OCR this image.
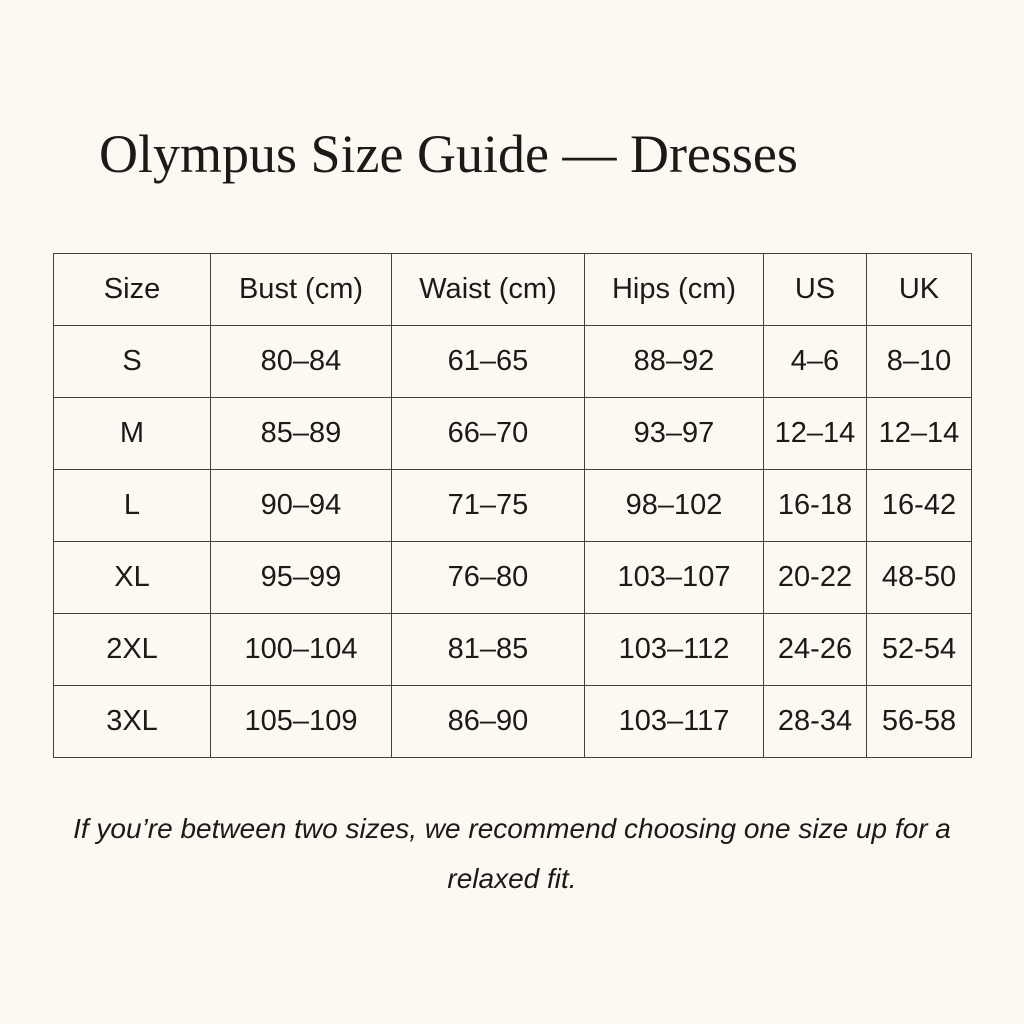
Olympus Size Guide — Dresses
Size	Bust (cm)	Waist (cm)	Hips (cm)	US	UK
S	80–84	61–65	88–92	4–6	8–10
M	85–89	66–70	93–97	12–14	12–14
L	90–94	71–75	98–102	16-18	16-42
XL	95–99	76–80	103–107	20-22	48-50
2XL	100–104	81–85	103–112	24-26	52-54
3XL	105–109	86–90	103–117	28-34	56-58

If you’re between two sizes, we recommend choosing one size up for a relaxed fit.
